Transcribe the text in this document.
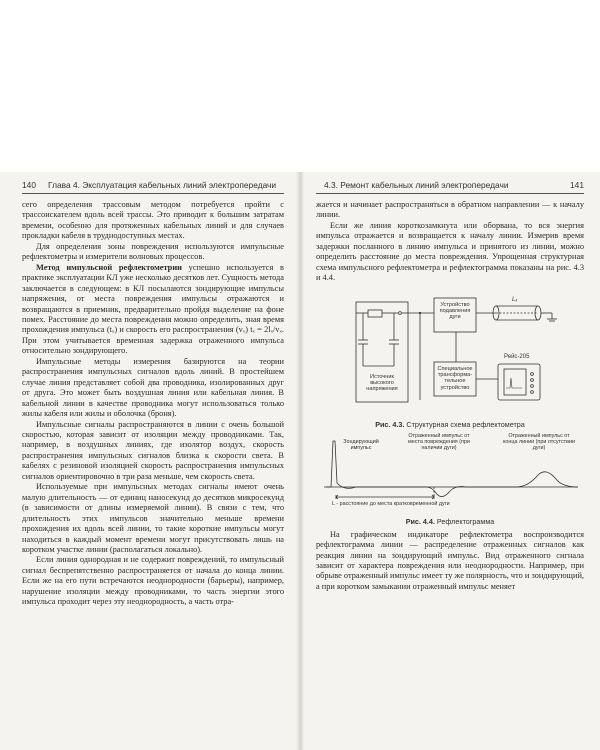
140 Глава 4. Эксплуатация кабельных линий электропередачи

сего определения трассовым методом потребуется пройти с трассоискателем вдоль всей трассы. Это приводит к большим затратам времени, особенно для протяженных кабельных линий и для случаев прокладки кабеля в труднодоступных местах.

Для определения зоны повреждения используются импульсные рефлектометры и измерители волновых процессов.

Метод импульсной рефлектометрии успешно используется в практике эксплуатации КЛ уже несколько десятков лет. Сущность метода заключается в следующем: в КЛ посылаются зондирующие импульсы напряжения, от места повреждения импульсы отражаются и возвращаются в приемник, предварительно пройдя выделение на фоне помех. Расстояние до места повреждения можно определить, зная время прохождения импульса (tₓ) и скорость его распространения (vₓ) tₓ = 2lₓ/vₓ. При этом учитывается временная задержка отраженного импульса относительно зондирующего.

Импульсные методы измерения базируются на теории распространения импульсных сигналов вдоль линий. В простейшем случае линия представляет собой два проводника, изолированных друг от друга. Это может быть воздушная линия или кабельная линия. В кабельной линии в качестве проводника могут использоваться только жилы кабеля или жилы и оболочка (броня).

Импульсные сигналы распространяются в линии с очень большой скоростью, которая зависит от изоляции между проводниками. Так, например, в воздушных линиях, где изолятор воздух, скорость распространения импульсных сигналов близка к скорости света. В кабелях с резиновой изоляцией скорость распространения импульсных сигналов ориентировочно в три раза меньше, чем скорость света.

Используемые при импульсных методах сигналы имеют очень малую длительность — от единиц наносекунд до десятков микросекунд (в зависимости от длины измеряемой линии). В связи с тем, что длительность этих импульсов значительно меньше времени прохождения их вдоль всей линии, то такие короткие импульсы могут находиться в каждый момент времени могут присутствовать лишь на коротком участке линии (располагаться локально).

Если линия однородная и не содержит повреждений, то импульсный сигнал беспрепятственно распространяется от начала до конца линии. Если же на его пути встречаются неоднородности (барьеры), например, нарушение изоляции между проводниками, то часть энергии этого импульса проходит через эту неоднородность, а часть отра-

4.3. Ремонт кабельных линий электропередачи	141

жается и начинает распространяться в обратном направлении — к началу линии.

Если же линия короткозамкнута или оборвана, то вся энергия импульса отражается и возвращается к началу линии. Измерив время задержки посланного в линию импульса и принятого из линии, можно определить расстояние до места повреждения. Упрощенная структурная схема импульсного рефлектометра и рефлектограмма показаны на рис. 4.3 и 4.4.

Устройство подавления дуги
Источник высокого напряжения
Специальное трансформа-тельное устройство
Рейс-205
Lₓ
Рис. 4.3. Структурная схема рефлектометра
Зондирующий импульс
Отраженный импульс от места повреждения (при наличии дуги)
Отраженный импульс от конца линии (при отсутствии дуги)
L - расстояние до места кратковременной дуги
Рис. 4.4. Рефлектограмма

На графическом индикаторе рефлектометра воспроизводится рефлектограмма линии — распределение отраженных сигналов как реакция линии на зондирующий импульс. Вид отраженного сигнала зависит от характера повреждения или неоднородности. Например, при обрыве отраженный импульс имеет ту же полярность, что и зондирующий, а при коротком замыкании отраженный импульс меняет
